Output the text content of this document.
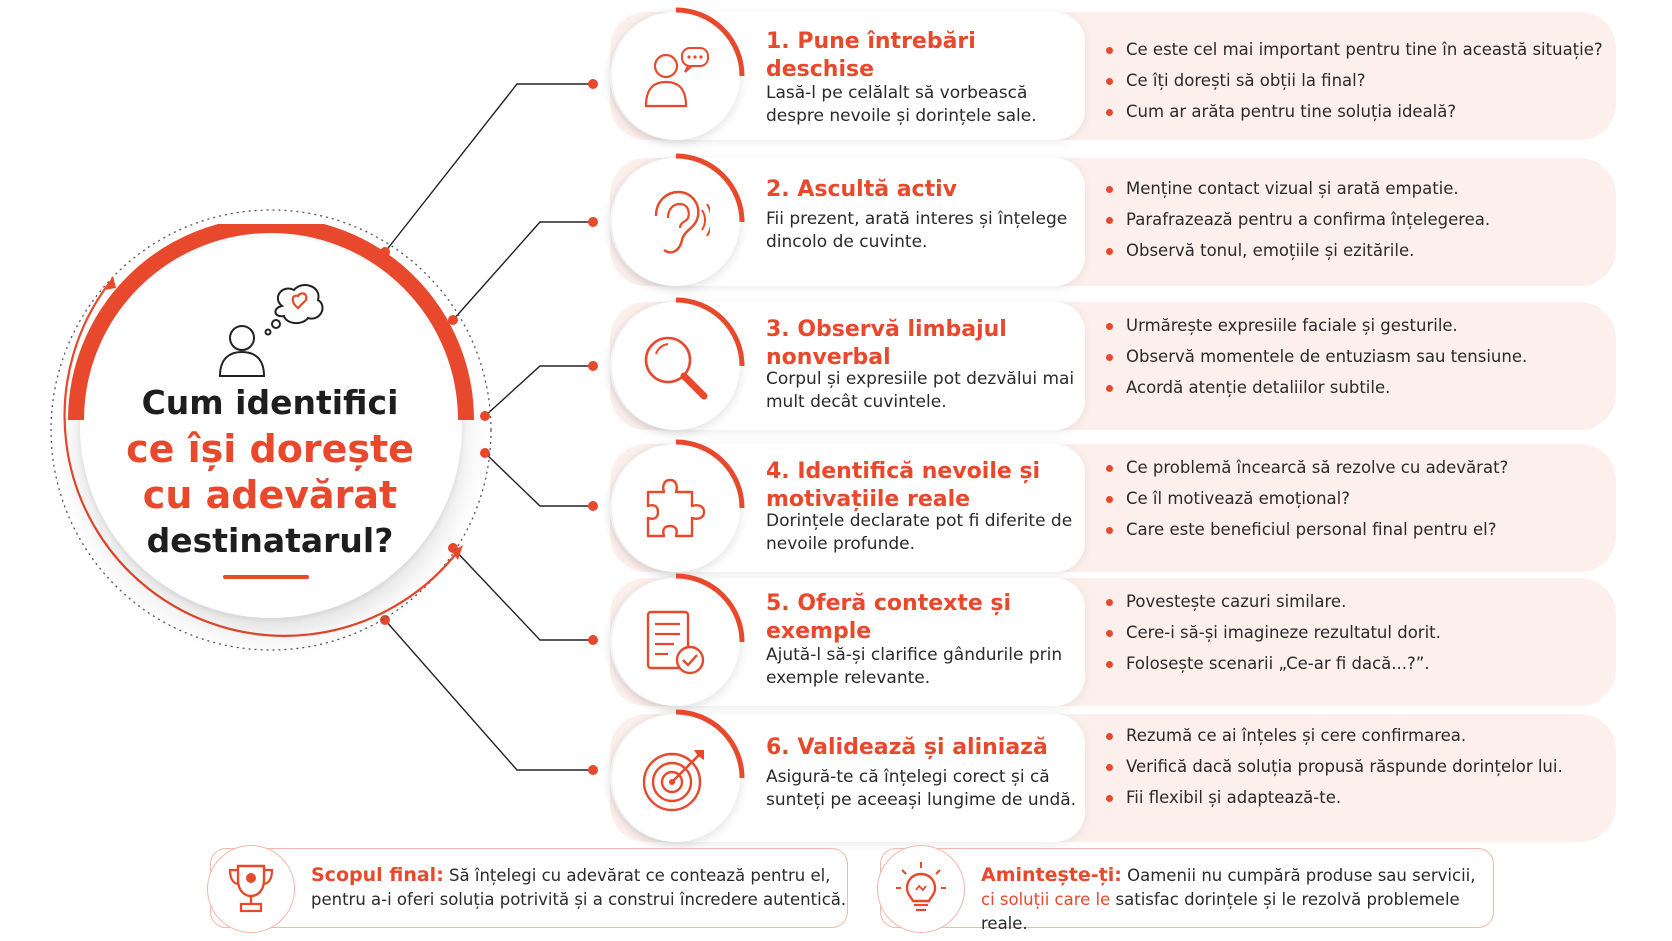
Cum identifici
ce își dorește
cu adevărat
destinatarul?
1. Pune întrebări deschise
Lasă-l pe celălalt să vorbească despre nevoile și dorințele sale.
Ce este cel mai important pentru tine în această situație?
Ce îți dorești să obții la final?
Cum ar arăta pentru tine soluția ideală?
2. Ascultă activ
Fii prezent, arată interes și înțelege dincolo de cuvinte.
Menține contact vizual și arată empatie.
Parafrazează pentru a confirma înțelegerea.
Observă tonul, emoțiile și ezitările.
3. Observă limbajul nonverbal
Corpul și expresiile pot dezvălui mai mult decât cuvintele.
Urmărește expresiile faciale și gesturile.
Observă momentele de entuziasm sau tensiune.
Acordă atenție detaliilor subtile.
4. Identifică nevoile și motivațiile reale
Dorințele declarate pot fi diferite de nevoile profunde.
Ce problemă încearcă să rezolve cu adevărat?
Ce îl motivează emoțional?
Care este beneficiul personal final pentru el?
5. Oferă contexte și exemple
Ajută-l să-și clarifice gândurile prin exemple relevante.
Povestește cazuri similare.
Cere-i să-și imagineze rezultatul dorit.
Folosește scenarii „Ce-ar fi dacă...?”.
6. Validează și aliniază
Asigură-te că înțelegi corect și că sunteți pe aceeași lungime de undă.
Rezumă ce ai înțeles și cere confirmarea.
Verifică dacă soluția propusă răspunde dorințelor lui.
Fii flexibil și adaptează-te.
Scopul final: Să înțelegi cu adevărat ce contează pentru el,
pentru a-i oferi soluția potrivită și a construi încredere autentică.
Amintește-ți: Oamenii nu cumpără produse sau servicii,
ci soluții care le satisfac dorințele și le rezolvă problemele reale.
